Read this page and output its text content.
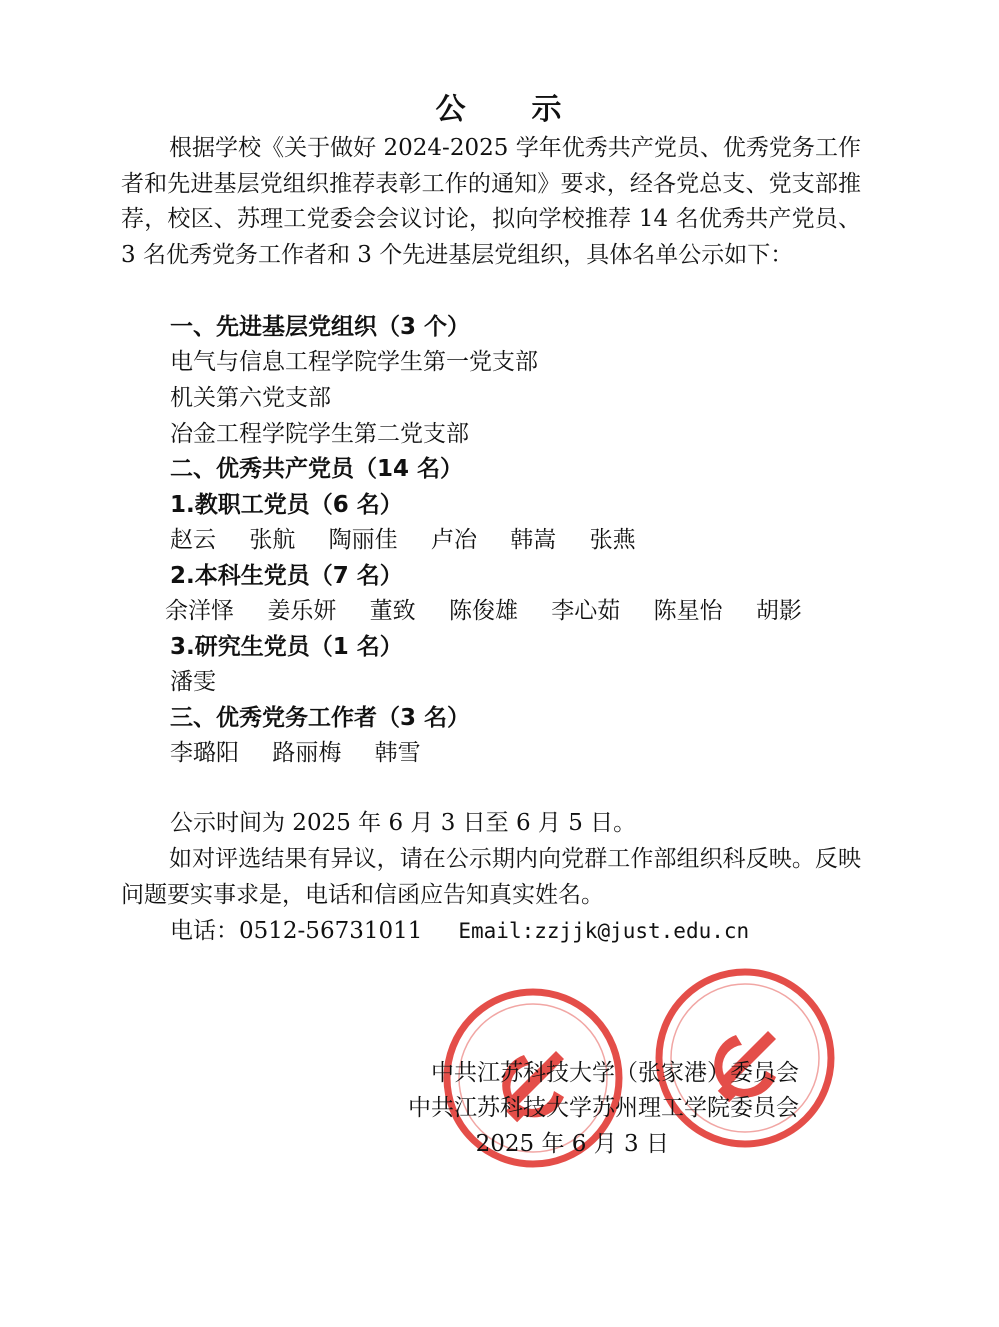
公 示
根据学校《关于做好 2024-2025 学年优秀共产党员、优秀党务工作者和先进基层党组织推荐表彰工作的通知》要求，经各党总支、党支部推荐，校区、苏理工党委会会议讨论，拟向学校推荐 14 名优秀共产党员、3 名优秀党务工作者和 3 个先进基层党组织，具体名单公示如下：
一、先进基层党组织（3 个）
电气与信息工程学院学生第一党支部
机关第六党支部
冶金工程学院学生第二党支部
二、优秀共产党员（14 名）
1.教职工党员（6 名）
赵云 张航 陶丽佳 卢冶 韩嵩 张燕
2.本科生党员（7 名）
余洋怿 姜乐妍 董致 陈俊雄 李心茹 陈星怡 胡影
3.研究生党员（1 名）
潘雯
三、优秀党务工作者（3 名）
李璐阳 路丽梅 韩雪
公示时间为 2025 年 6 月 3 日至 6 月 5 日。
如对评选结果有异议，请在公示期内向党群工作部组织科反映。反映问题要实事求是，电话和信函应告知真实姓名。
电话：0512-56731011 Email:zzjjk@just.edu.cn
中共江苏科技大学（张家港）委员会
中共江苏科技大学苏州理工学院委员会
2025 年 6 月 3 日
